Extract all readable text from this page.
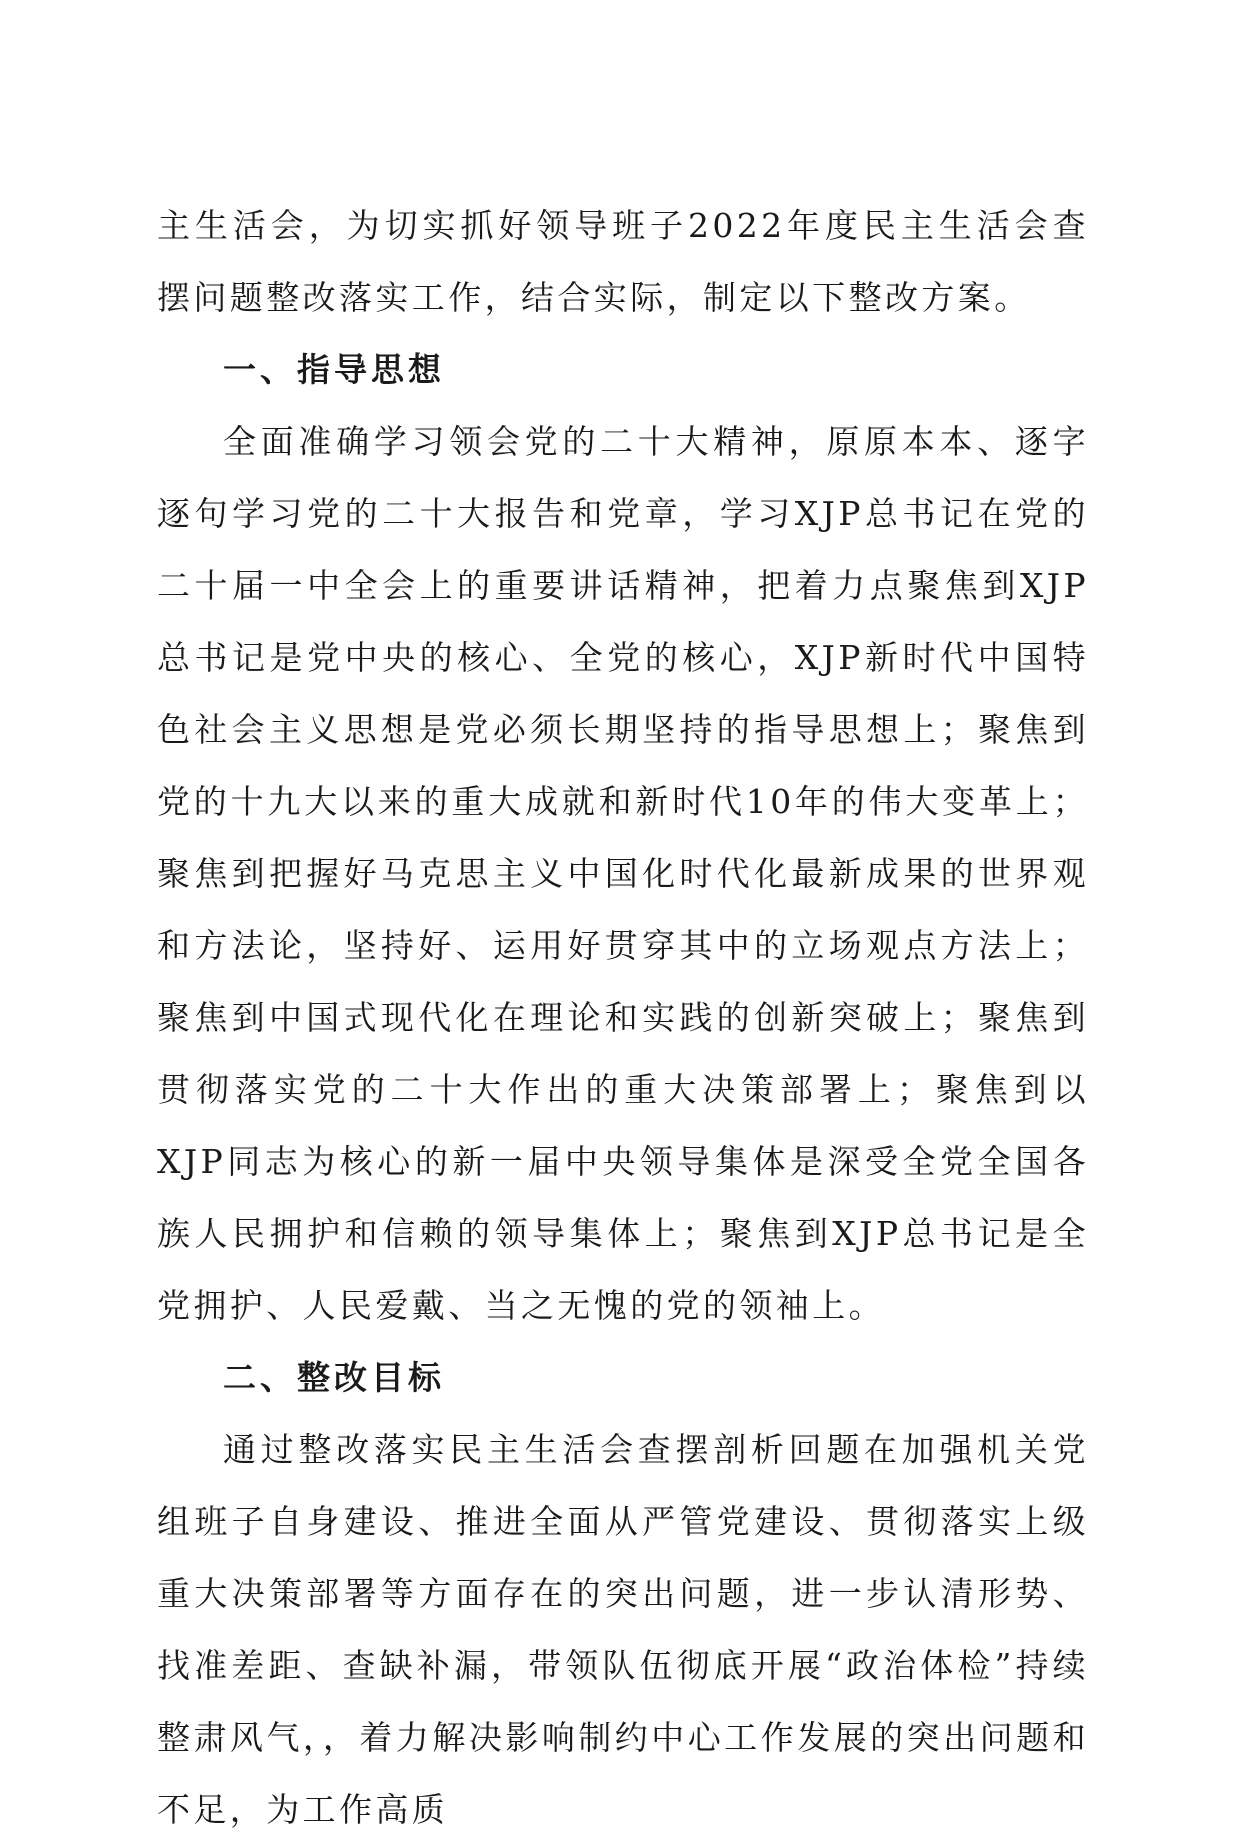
主生活会，为切实抓好领导班子2022年度民主生活会查摆问题整改落实工作，结合实际，制定以下整改方案。

一、指导思想

全面准确学习领会党的二十大精神，原原本本、逐字逐句学习党的二十大报告和党章，学习XJP总书记在党的二十届一中全会上的重要讲话精神，把着力点聚焦到XJP总书记是党中央的核心、全党的核心，XJP新时代中国特色社会主义思想是党必须长期坚持的指导思想上；聚焦到党的十九大以来的重大成就和新时代10年的伟大变革上；聚焦到把握好马克思主义中国化时代化最新成果的世界观和方法论，坚持好、运用好贯穿其中的立场观点方法上；聚焦到中国式现代化在理论和实践的创新突破上；聚焦到贯彻落实党的二十大作出的重大决策部署上；聚焦到以XJP同志为核心的新一届中央领导集体是深受全党全国各族人民拥护和信赖的领导集体上；聚焦到XJP总书记是全党拥护、人民爱戴、当之无愧的党的领袖上。

二、整改目标

通过整改落实民主生活会查摆剖析回题在加强机关党组班子自身建设、推进全面从严管党建设、贯彻落实上级重大决策部署等方面存在的突出问题，进一步认清形势、找准差距、查缺补漏，带领队伍彻底开展“政治体检”持续整肃风气，，着力解决影响制约中心工作发展的突出问题和不足，为工作高质
